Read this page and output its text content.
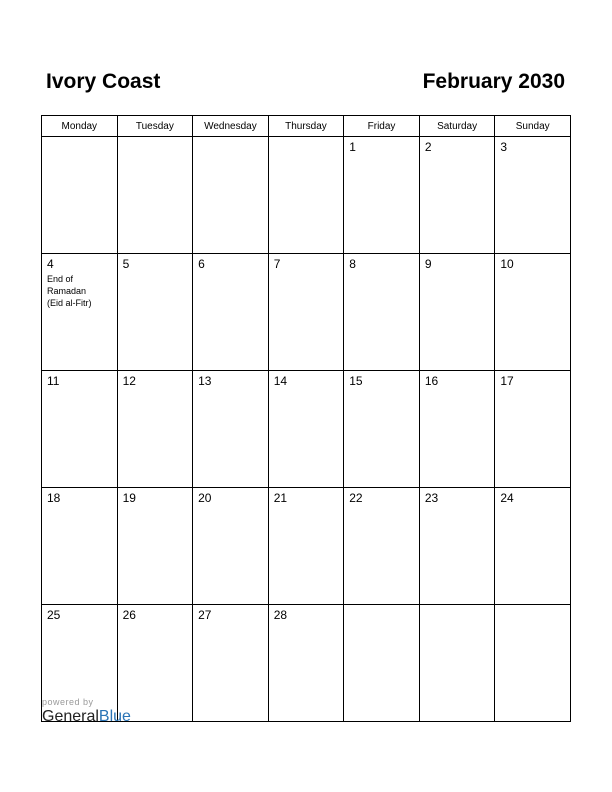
Ivory Coast	February 2030
Monday	Tuesday	Wednesday	Thursday	Friday	Saturday	Sunday

				1	2	3

4
End of Ramadan
(Eid al-Fitr)	5	6	7	8	9	10

11	12	13	14	15	16	17

18	19	20	21	22	23	24

25	26	27	28			

powered by
GeneralBlue
